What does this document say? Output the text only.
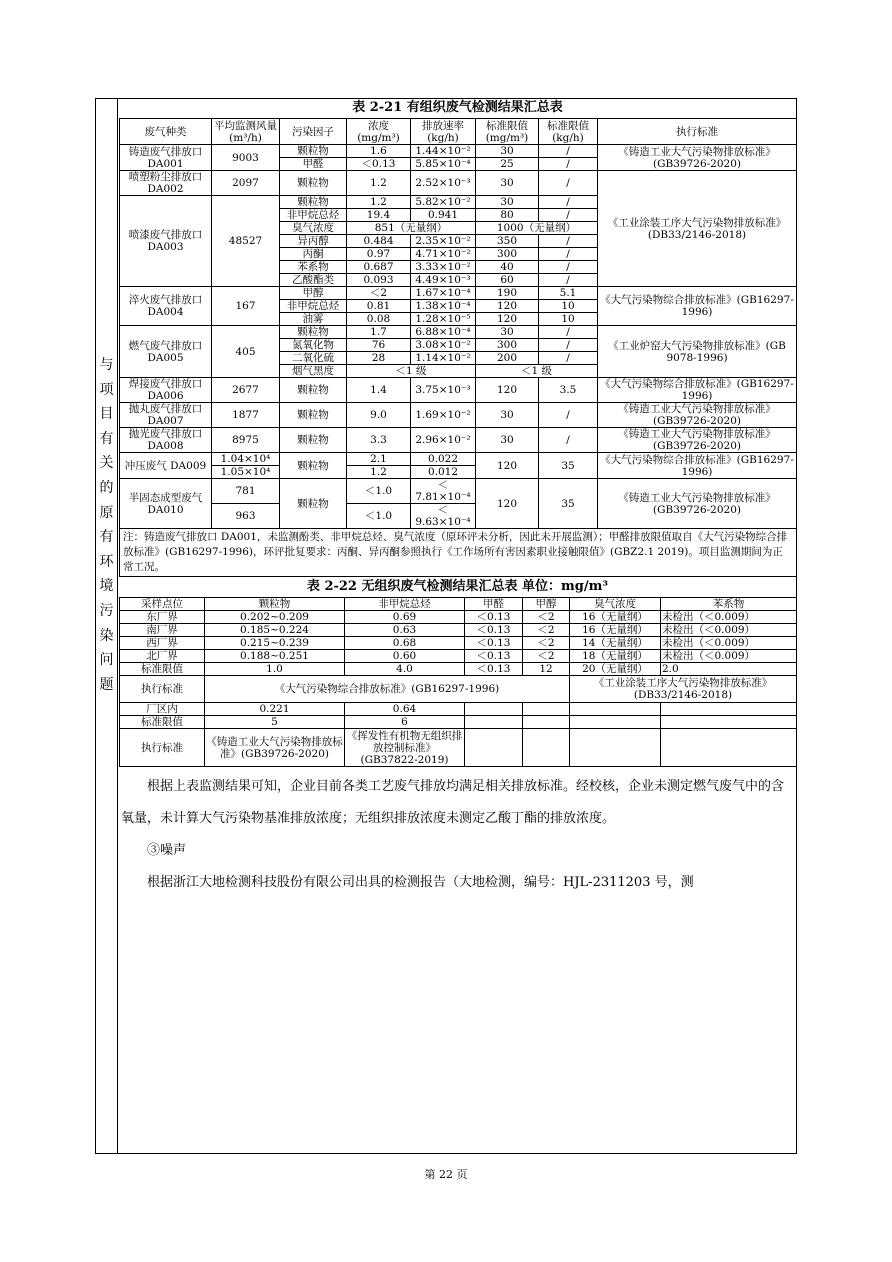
与
项
目
有
关
的
原
有
环
境
污
染
问
题
表 2-21 有组织废气检测结果汇总表
废气种类	平均监测风量(m³/h)	污染因子	浓度(mg/m³)	排放速率(kg/h)	标准限值(mg/m³)	标准限值(kg/h)	执行标准
铸造废气排放口 DA001	9003	颗粒物	1.6	1.44×10⁻²	30	/	《铸造工业大气污染物排放标准》(GB39726-2020)
		甲醛	＜0.13	5.85×10⁻⁴	25	/	
喷塑粉尘排放口 DA002	2097	颗粒物	1.2	2.52×10⁻³	30	/	《工业涂装工序大气污染物排放标准》(DB33/2146-2018)
喷漆废气排放口 DA003	48527	颗粒物	1.2	5.82×10⁻²	30	/	
		非甲烷总烃	19.4	0.941	80	/	
		臭气浓度	851（无量纲）		1000（无量纲）		
		异丙醇	0.484	2.35×10⁻²	350	/	
		丙酮	0.97	4.71×10⁻²	300	/	
		苯系物	0.687	3.33×10⁻²	40	/	
		乙酸酯类	0.093	4.49×10⁻³	60	/	
淬火废气排放口 DA004	167	甲醇	＜2	1.67×10⁻⁴	190	5.1	《大气污染物综合排放标准》(GB16297-1996)
		非甲烷总烃	0.81	1.38×10⁻⁴	120	10	
		油雾	0.08	1.28×10⁻⁵	120	10	
燃气废气排放口 DA005	405	颗粒物	1.7	6.88×10⁻⁴	30	/	《工业炉窑大气污染物排放标准》(GB 9078-1996)
		氮氧化物	76	3.08×10⁻²	300	/	
		二氧化硫	28	1.14×10⁻²	200	/	
		烟气黑度	＜1 级		＜1 级		
焊接废气排放口 DA006	2677	颗粒物	1.4	3.75×10⁻³	120	3.5	《大气污染物综合排放标准》(GB16297-1996)
抛丸废气排放口 DA007	1877	颗粒物	9.0	1.69×10⁻²	30	/	《铸造工业大气污染物排放标准》(GB39726-2020)
抛光废气排放口 DA008	8975	颗粒物	3.3	2.96×10⁻²	30	/	《铸造工业大气污染物排放标准》(GB39726-2020)
冲压废气 DA009	1.04×10⁴	颗粒物	2.1	0.022	120	35	《大气污染物综合排放标准》(GB16297-1996)
	1.05×10⁴		1.2	0.012			
半固态成型废气 DA010	781	颗粒物	＜1.0	＜7.81×10⁻⁴	120	35	《铸造工业大气污染物排放标准》(GB39726-2020)
	963		＜1.0	＜9.63×10⁻⁴			
注：铸造废气排放口 DA001，未监测酚类、非甲烷总烃、臭气浓度（原环评未分析，因此未开展监测）；甲醛排放限值取自《大气污染物综合排放标准》(GB16297-1996)，环评批复要求：丙酮、异丙酮参照执行《工作场所有害因素职业接触限值》(GBZ2.1 2019)。项目监测期间为正常工况。							
表 2-22 无组织废气检测结果汇总表 单位：mg/m³
采样点位	颗粒物	非甲烷总烃	甲醛	甲醇	臭气浓度	苯系物
东厂界	0.202~0.209	0.69	＜0.13	＜2	16（无量纲）	未检出（＜0.009）
南厂界	0.185~0.224	0.63	＜0.13	＜2	16（无量纲）	未检出（＜0.009）
西厂界	0.215~0.239	0.68	＜0.13	＜2	14（无量纲）	未检出（＜0.009）
北厂界	0.188~0.251	0.60	＜0.13	＜2	18（无量纲）	未检出（＜0.009）
标准限值	1.0	4.0	＜0.13	12	20（无量纲）	2.0
执行标准	《大气污染物综合排放标准》(GB16297-1996)				《工业涂装工序大气污染物排放标准》(DB33/2146-2018)	
厂区内	0.221	0.64				
标准限值	5	6				
执行标准	《铸造工业大气污染物排放标准》(GB39726-2020)	《挥发性有机物无组织排放控制标准》(GB37822-2019)				

根据上表监测结果可知，企业目前各类工艺废气排放均满足相关排放标准。经校核，企业未测定燃气废气中的含氧量，未计算大气污染物基准排放浓度；无组织排放浓度未测定乙酸丁酯的排放浓度。

③噪声

根据浙江大地检测科技股份有限公司出具的检测报告（大地检测，编号：HJL-2311203 号，测

第 22 页
